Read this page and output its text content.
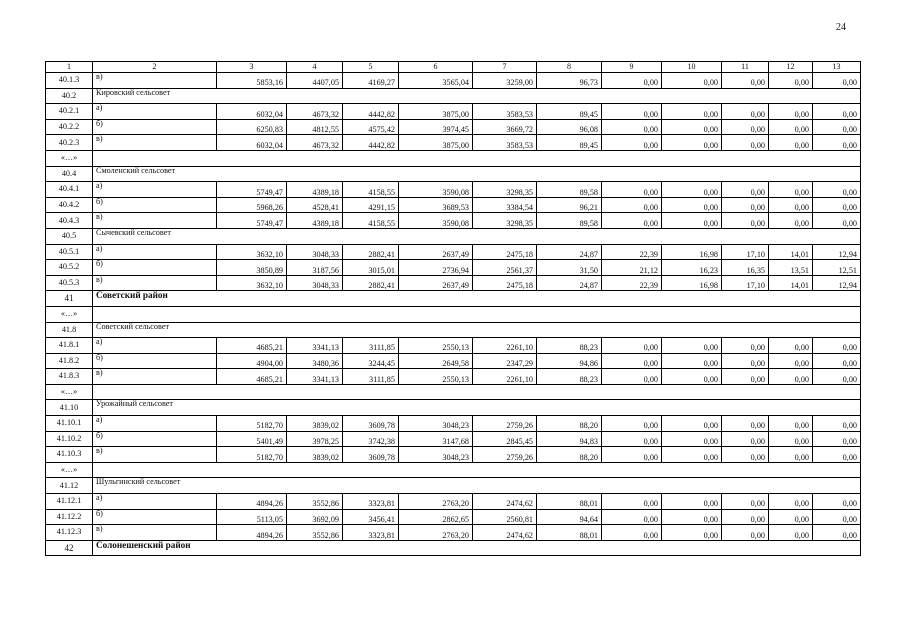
24
1	2	3	4	5	6	7	8	9	10	11	12	13
40.1.3	в)	5853,16	4407,05	4169,27	3565,04	3259,00	96,73	0,00	0,00	0,00	0,00	0,00
40.2	Кировский сельсовет											
40.2.1	а)	6032,04	4673,32	4442,82	3875,00	3583,53	89,45	0,00	0,00	0,00	0,00	0,00
40.2.2	б)	6250,83	4812,55	4575,42	3974,45	3669,72	96,08	0,00	0,00	0,00	0,00	0,00
40.2.3	в)	6032,04	4673,32	4442,82	3875,00	3583,53	89,45	0,00	0,00	0,00	0,00	0,00
«…»												
40.4	Смоленский сельсовет											
40.4.1	а)	5749,47	4389,18	4158,55	3590,08	3298,35	89,58	0,00	0,00	0,00	0,00	0,00
40.4.2	б)	5968,26	4528,41	4291,15	3689,53	3384,54	96,21	0,00	0,00	0,00	0,00	0,00
40.4.3	в)	5749,47	4389,18	4158,55	3590,08	3298,35	89,58	0,00	0,00	0,00	0,00	0,00
40.5	Сычевский сельсовет											
40.5.1	а)	3632,10	3048,33	2882,41	2637,49	2475,18	24,87	22,39	16,98	17,10	14,01	12,94
40.5.2	б)	3850,89	3187,56	3015,01	2736,94	2561,37	31,50	21,12	16,23	16,35	13,51	12,51
40.5.3	в)	3632,10	3048,33	2882,41	2637,49	2475,18	24,87	22,39	16,98	17,10	14,01	12,94
41	Советский район											
«…»												
41.8	Советский сельсовет											
41.8.1	а)	4685,21	3341,13	3111,85	2550,13	2261,10	88,23	0,00	0,00	0,00	0,00	0,00
41.8.2	б)	4904,00	3480,36	3244,45	2649,58	2347,29	94,86	0,00	0,00	0,00	0,00	0,00
41.8.3	в)	4685,21	3341,13	3111,85	2550,13	2261,10	88,23	0,00	0,00	0,00	0,00	0,00
«…»												
41.10	Урожайный сельсовет											
41.10.1	а)	5182,70	3839,02	3609,78	3048,23	2759,26	88,20	0,00	0,00	0,00	0,00	0,00
41.10.2	б)	5401,49	3978,25	3742,38	3147,68	2845,45	94,83	0,00	0,00	0,00	0,00	0,00
41.10.3	в)	5182,70	3839,02	3609,78	3048,23	2759,26	88,20	0,00	0,00	0,00	0,00	0,00
«…»												
41.12	Шульгинский сельсовет											
41.12.1	а)	4894,26	3552,86	3323,81	2763,20	2474,62	88,01	0,00	0,00	0,00	0,00	0,00
41.12.2	б)	5113,05	3692,09	3456,41	2862,65	2560,81	94,64	0,00	0,00	0,00	0,00	0,00
41.12.3	в)	4894,26	3552,86	3323,81	2763,20	2474,62	88,01	0,00	0,00	0,00	0,00	0,00
42	Солонешенский район											
